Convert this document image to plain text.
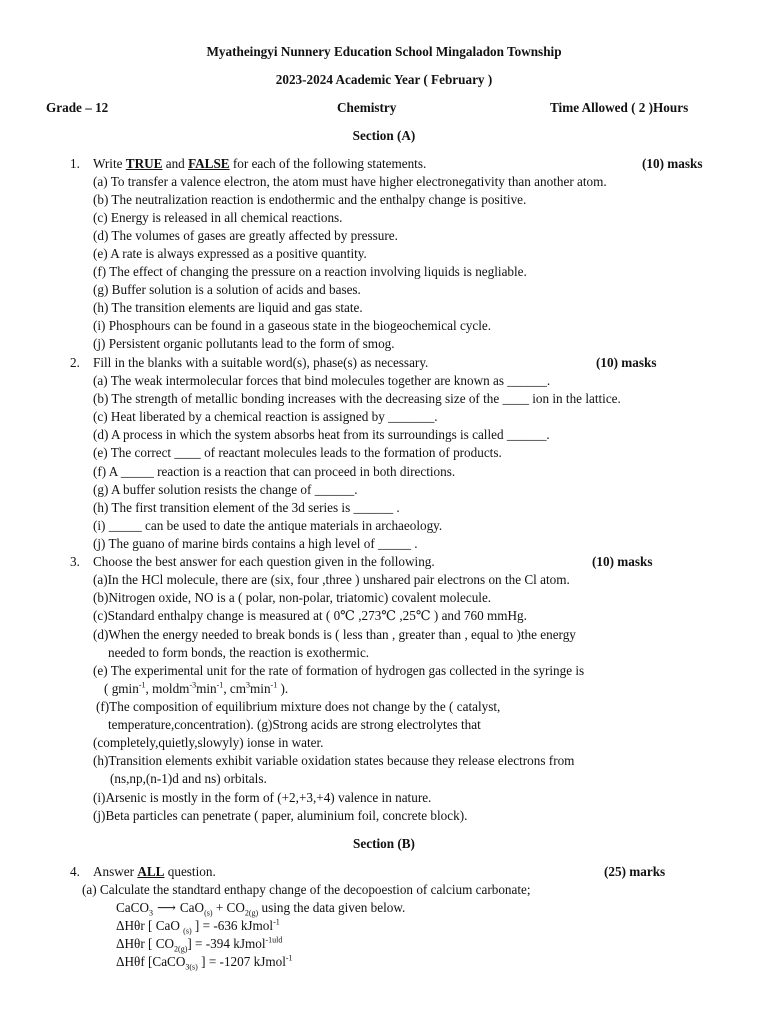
Myatheingyi Nunnery Education School Mingaladon Township
2023-2024 Academic Year ( February )
Grade – 12	Chemistry	Time Allowed ( 2 )Hours
Section (A)
1. Write TRUE and FALSE for each of the following statements.	(10) masks
(a) To transfer a valence electron, the atom must have higher electronegativity than another atom.
(b) The neutralization reaction is endothermic and the enthalpy change is positive.
(c) Energy is released in all chemical reactions.
(d) The volumes of gases are greatly affected by pressure.
(e) A rate is always expressed as a positive quantity.
(f) The effect of changing the pressure on a reaction involving liquids is negliable.
(g) Buffer solution is a solution of acids and bases.
(h) The transition elements are liquid and gas state.
(i) Phosphours can be found in a gaseous state in the biogeochemical cycle.
(j) Persistent organic pollutants lead to the form of smog.
2. Fill in the blanks with a suitable word(s), phase(s) as necessary.	(10) masks
(a) The weak intermolecular forces that bind molecules together are known as ______.
(b) The strength of metallic bonding increases with the decreasing size of the ____ ion in the lattice.
(c) Heat liberated by a chemical reaction is assigned by _______.
(d) A process in which the system absorbs heat from its surroundings is called ______.
(e) The correct ____ of reactant molecules leads to the formation of products.
(f) A _____ reaction is a reaction that can proceed in both directions.
(g) A buffer solution resists the change of ______.
(h) The first transition element of the 3d series is ______ .
(i) _____ can be used to date the antique materials in archaeology.
(j) The guano of marine birds contains a high level of _____ .
3. Choose the best answer for each question given in the following.	(10) masks
(a)In the HCl molecule, there are (six, four ,three ) unshared pair electrons on the Cl atom.
(b)Nitrogen oxide, NO is a ( polar, non-polar, triatomic) covalent molecule.
(c)Standard enthalpy change is measured at ( 0℃ ,273℃ ,25℃ ) and 760 mmHg.
(d)When the energy needed to break bonds is ( less than , greater than , equal to )the energy
needed to form bonds, the reaction is exothermic.
(e) The experimental unit for the rate of formation of hydrogen gas collected in the syringe is
( gmin$^{-1}$, $moldm^{-3}\min^{-1}$, $cm^3\min^{-1}$ ).
(f)The composition of equilibrium mixture does not change by the ( catalyst,
temperature,concentration). (g)Strong acids are strong electrolytes that
(completely,quietly,slowyly) ionse in water.
(h)Transition elements exhibit variable oxidation states because they release electrons from
(ns,np,(n-1)d and ns) orbitals.
(i)Arsenic is mostly in the form of (+2,+3,+4) valence in nature.
(j)Beta particles can penetrate ( paper, aluminium foil, concrete block).
Section (B)
4. Answer ALL question.	(25) marks
(a) Calculate the standtard enthapy change of the decopoestion of calcium carbonate;
CaCO$_3$ ⟶ $CaO_{(s)} + CO_{2(g)}$ using the data given below.
ΔHθr [ CaO $_{(s)}$ ] = -636 kJmol$^{-1}$
ΔHθr [ $CO_{2(g)}] = -394$ kJmol$^{-1uld}$
ΔHθf [CaCO$_{3(s)}$ ] = -1207 kJmol$^{-1}$
